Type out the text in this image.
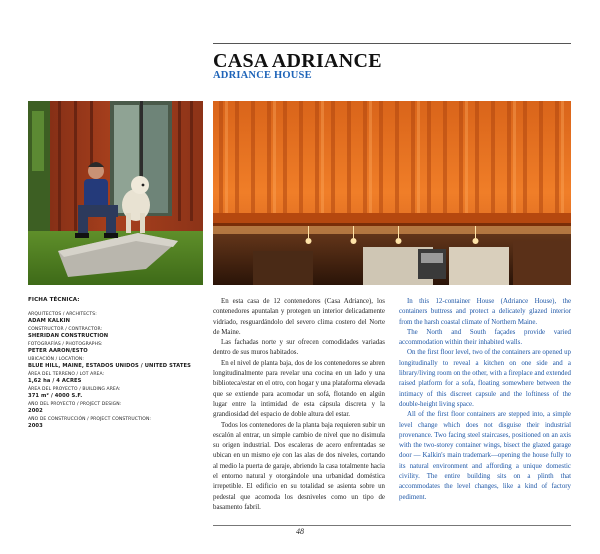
CASA ADRIANCE
ADRIANCE HOUSE
FICHA TÉCNICA:
ARQUITECTOS / ARCHITECTS:
ADAM KALKIN
CONSTRUCTOR / CONTRACTOR:
SHERIDAN CONSTRUCTION
FOTOGRAFÍAS / PHOTOGRAPHS:
PETER AARON/ESTO
UBICACIÓN / LOCATION:
BLUE HILL, MAINE, ESTADOS UNIDOS / UNITED STATES
ÁREA DEL TERRENO / LOT AREA:
1,62 ha / 4 ACRES
ÁREA DEL PROYECTO / BUILDING AREA:
371 m² / 4000 S.F.
AÑO DEL PROYECTO / PROJECT DESIGN:
2002
AÑO DE CONSTRUCCIÓN / PROJECT CONSTRUCTION:
2003

En esta casa de 12 contenedores (Casa Adriance), los contenedores apuntalan y protegen un interior delicadamente vidriado, resguardándolo del severo clima costero del Norte de Maine.

Las fachadas norte y sur ofrecen comodidades variadas dentro de sus muros habitados.

En el nivel de planta baja, dos de los contenedores se abren longitudinalmente para revelar una cocina en un lado y una biblioteca/estar en el otro, con hogar y una plataforma elevada que se extiende para acomodar un sofá, flotando en algún lugar entre la intimidad de esta cápsula discreta y la grandiosidad del espacio de doble altura del estar.

Todos los contenedores de la planta baja requieren subir un escalón al entrar, un simple cambio de nivel que no disimula su origen industrial. Dos escaleras de acero enfrentadas se ubican en un mismo eje con las alas de dos niveles, cortando al medio la puerta de garaje, abriendo la casa totalmente hacia el entorno natural y otorgándole una urbanidad doméstica irrepetible. El edificio en su totalidad se asienta sobre un pedestal que acomoda los desniveles como un tipo de basamento fabril.

In this 12-container House (Adriance House), the containers buttress and protect a delicately glazed interior from the harsh coastal climate of Northern Maine.

The North and South façades provide varied accommodation within their inhabited walls.

On the first floor level, two of the containers are opened up longitudinally to reveal a kitchen on one side and a library/living room on the other, with a fireplace and extended raised platform for a sofa, floating somewhere between the intimacy of this discreet capsule and the loftiness of the double-height living space.

All of the first floor containers are stepped into, a simple level change which does not disguise their industrial provenance. Two facing steel staircases, positioned on an axis with the two-storey container wings, bisect the glazed garage door — Kalkin's main trademark—opening the house fully to its natural environment and affording a unique domestic civility. The entire building sits on a plinth that accommodates the level changes, like a kind of factory pediment.

48
